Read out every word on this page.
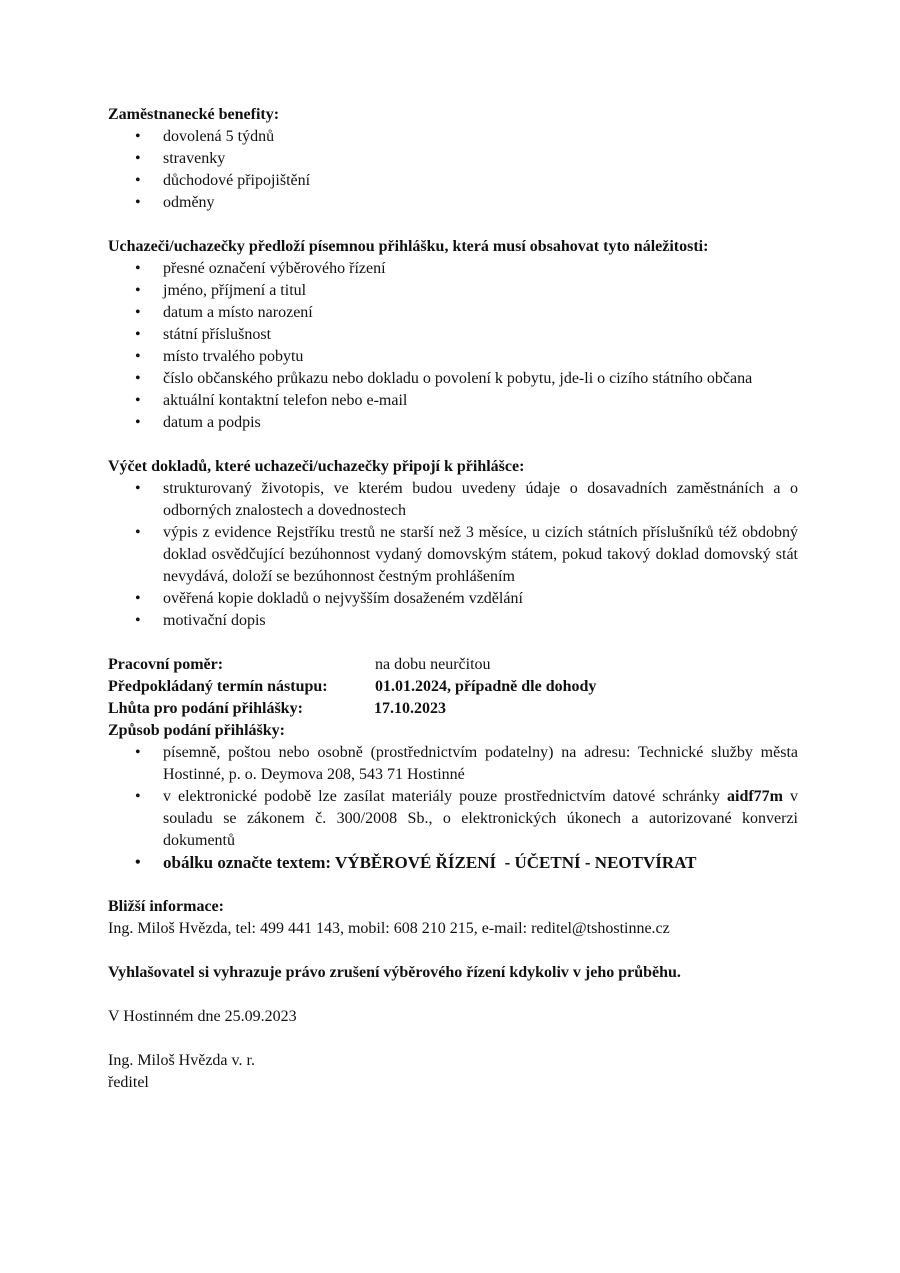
Zaměstnanecké benefity:

• dovolená 5 týdnů
• stravenky
• důchodové připojištění
• odměny

Uchazeči/uchazečky předloží písemnou přihlášku, která musí obsahovat tyto náležitosti:

• přesné označení výběrového řízení
• jméno, příjmení a titul
• datum a místo narození
• státní příslušnost
• místo trvalého pobytu
• číslo občanského průkazu nebo dokladu o povolení k pobytu, jde-li o cizího státního občana
• aktuální kontaktní telefon nebo e-mail
• datum a podpis

Výčet dokladů, které uchazeči/uchazečky připojí k přihlášce:

• strukturovaný životopis, ve kterém budou uvedeny údaje o dosavadních zaměstnáních a o odborných znalostech a dovednostech
• výpis z evidence Rejstříku trestů ne starší než 3 měsíce, u cizích státních příslušníků též obdobný doklad osvědčující bezúhonnost vydaný domovským státem, pokud takový doklad domovský stát nevydává, doloží se bezúhonnost čestným prohlášením
• ověřená kopie dokladů o nejvyšším dosaženém vzdělání
• motivační dopis
Pracovní poměr:	na dobu neurčitou
Předpokládaný termín nástupu:	01.01.2024, případně dle dohody
Lhůta pro podání přihlášky:	17.10.2023

Způsob podání přihlášky:

• písemně, poštou nebo osobně (prostřednictvím podatelny) na adresu: Technické služby města Hostinné, p. o. Deymova 208, 543 71 Hostinné
• v elektronické podobě lze zasílat materiály pouze prostřednictvím datové schránky aidf77m v souladu se zákonem č. 300/2008 Sb., o elektronických úkonech a autorizované konverzi dokumentů
• obálku označte textem: VÝBĚROVÉ ŘÍZENÍ  - ÚČETNÍ - NEOTVÍRAT

Bližší informace:

Ing. Miloš Hvězda, tel: 499 441 143, mobil: 608 210 215, e-mail: reditel@tshostinne.cz

Vyhlašovatel si vyhrazuje právo zrušení výběrového řízení kdykoliv v jeho průběhu.

V Hostinném dne 25.09.2023

Ing. Miloš Hvězda v. r.

ředitel
